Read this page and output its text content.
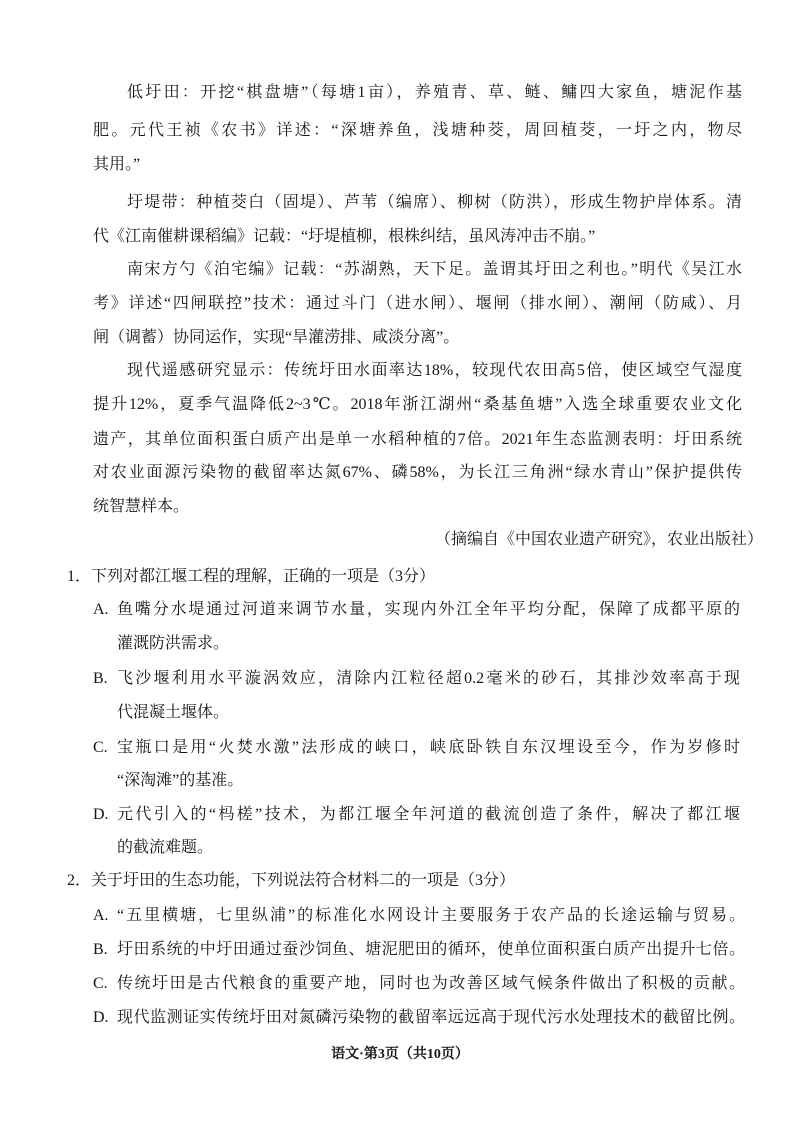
低圩田：开挖“棋盘塘”（每塘1亩），养殖青、草、鲢、鳙四大家鱼，塘泥作基
肥。元代王祯《农书》详述：“深塘养鱼，浅塘种茭，周回植茭，一圩之内，物尽
其用。”
圩堤带：种植茭白（固堤）、芦苇（编席）、柳树（防洪），形成生物护岸体系。清
代《江南催耕课稻编》记载：“圩堤植柳，根株纠结，虽风涛冲击不崩。”
南宋方勺《泊宅编》记载：“苏湖熟，天下足。盖谓其圩田之利也。”明代《吴江水
考》详述“四闸联控”技术：通过斗门（进水闸）、堰闸（排水闸）、潮闸（防咸）、月
闸（调蓄）协同运作，实现“旱灌涝排、咸淡分离”。
现代遥感研究显示：传统圩田水面率达18%，较现代农田高5倍，使区域空气湿度
提升12%，夏季气温降低2~3℃。2018年浙江湖州“桑基鱼塘”入选全球重要农业文化
遗产，其单位面积蛋白质产出是单一水稻种植的7倍。2021年生态监测表明：圩田系统
对农业面源污染物的截留率达氮67%、磷58%，为长江三角洲“绿水青山”保护提供传
统智慧样本。
（摘编自《中国农业遗产研究》，农业出版社）
1．下列对都江堰工程的理解，正确的一项是（3分）
A. 鱼嘴分水堤通过河道来调节水量，实现内外江全年平均分配，保障了成都平原的
灌溉防洪需求。
B. 飞沙堰利用水平漩涡效应，清除内江粒径超0.2毫米的砂石，其排沙效率高于现
代混凝土堰体。
C. 宝瓶口是用“火焚水激”法形成的峡口，峡底卧铁自东汉埋设至今，作为岁修时
“深淘滩”的基准。
D. 元代引入的“杩槎”技术，为都江堰全年河道的截流创造了条件，解决了都江堰
的截流难题。
2．关于圩田的生态功能，下列说法符合材料二的一项是（3分）
A. “五里横塘，七里纵浦”的标准化水网设计主要服务于农产品的长途运输与贸易。
B. 圩田系统的中圩田通过蚕沙饲鱼、塘泥肥田的循环，使单位面积蛋白质产出提升七倍。
C. 传统圩田是古代粮食的重要产地，同时也为改善区域气候条件做出了积极的贡献。
D. 现代监测证实传统圩田对氮磷污染物的截留率远远高于现代污水处理技术的截留比例。
语文·第3页（共10页）
